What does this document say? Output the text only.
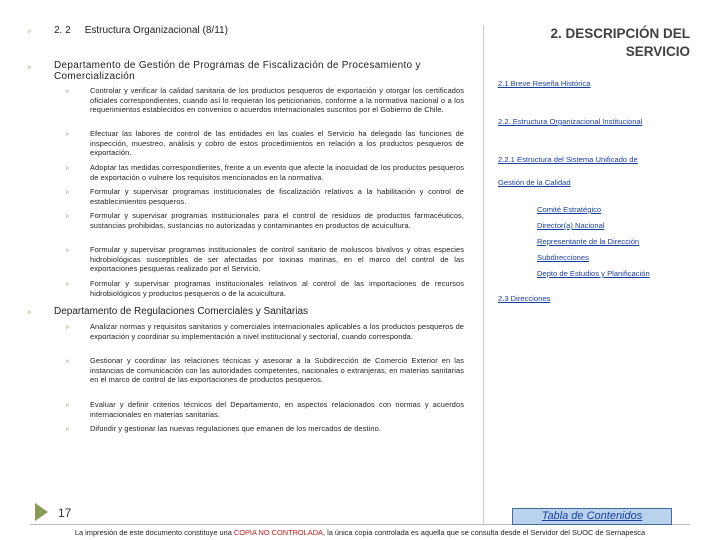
▹ 2. 2 Estructura Organizacional (8/11)
▹ Departamento de Gestión de Programas de Fiscalización de Procesamiento y Comercialización
▹	Controlar y verificar la calidad sanitaria de los productos pesqueros de exportación y otorgar los certificados oficiales correspondientes, cuando así lo requieran los peticionarios, conforme a la normativa nacional o a los requerimientos establecidos en convenios o acuerdos internacionales suscritos por el Gobierno de Chile.
▹	Efectuar las labores de control de las entidades en las cuales el Servicio ha delegado las funciones de inspección, muestreo, análisis y cobro de estos procedimientos en relación a los productos pesqueros de exportación.
▹	Adoptar las medidas correspondientes, frente a un evento que afecte la inocuidad de los productos pesqueros de exportación o vulnere los requisitos mencionados en la normativa.
▹	Formular y supervisar programas institucionales de fiscalización relativos a la habilitación y control de establecimientos pesqueros.
▹	Formular y supervisar programas institucionales para el control de residuos de productos farmacéuticos, sustancias prohibidas, sustancias no autorizadas y contaminantes en productos de acuicultura.
▹	Formular y supervisar programas institucionales de control sanitario de moluscos bivalvos y otras especies hidrobiológicas susceptibles de ser afectadas por toxinas marinas, en el marco del control de las exportaciones pesqueras realizado por el Servicio.
▹	Formular y supervisar programas institucionales relativos al control de las importaciones de recursos hidrobiológicos y productos pesqueros o de la acuicultura.
▹ Departamento de Regulaciones Comerciales y Sanitarias
▹	Analizar normas y requisitos sanitarios y comerciales internacionales aplicables a los productos pesqueros de exportación y coordinar su implementación a nivel institucional y sectorial, cuando corresponda.
▹	Gestionar y coordinar las relaciones técnicas y asesorar a la Subdirección de Comercio Exterior en las instancias de comunicación con las autoridades competentes, nacionales o extranjeras, en materias sanitarias en el marco de control de las exportaciones de productos pesqueros.
▹	Evaluar y definir criterios técnicos del Departamento, en aspectos relacionados con normas y acuerdos internacionales en materias sanitarias.
▹	Difundir y gestionar las nuevas regulaciones que emanen de los mercados de destino.
2. DESCRIPCIÓN DEL SERVICIO
2.1 Breve Reseña Histórica
2.2. Estructura Organizacional Institucional
2.2.1 Estructura del Sistema Unificado de
Gestión de la Calidad
Comité Estratégico
Director(a) Nacional
Representante de la Dirección
Subdirecciones
Depto de Estudios y Planificación
2.3 Direcciones
17	Tabla de Contenidos
La impresión de este documento constituye una COPIA NO CONTROLADA, la única copia controlada es aquella que se consulta desde el Servidor del SUOC de Sernapesca
